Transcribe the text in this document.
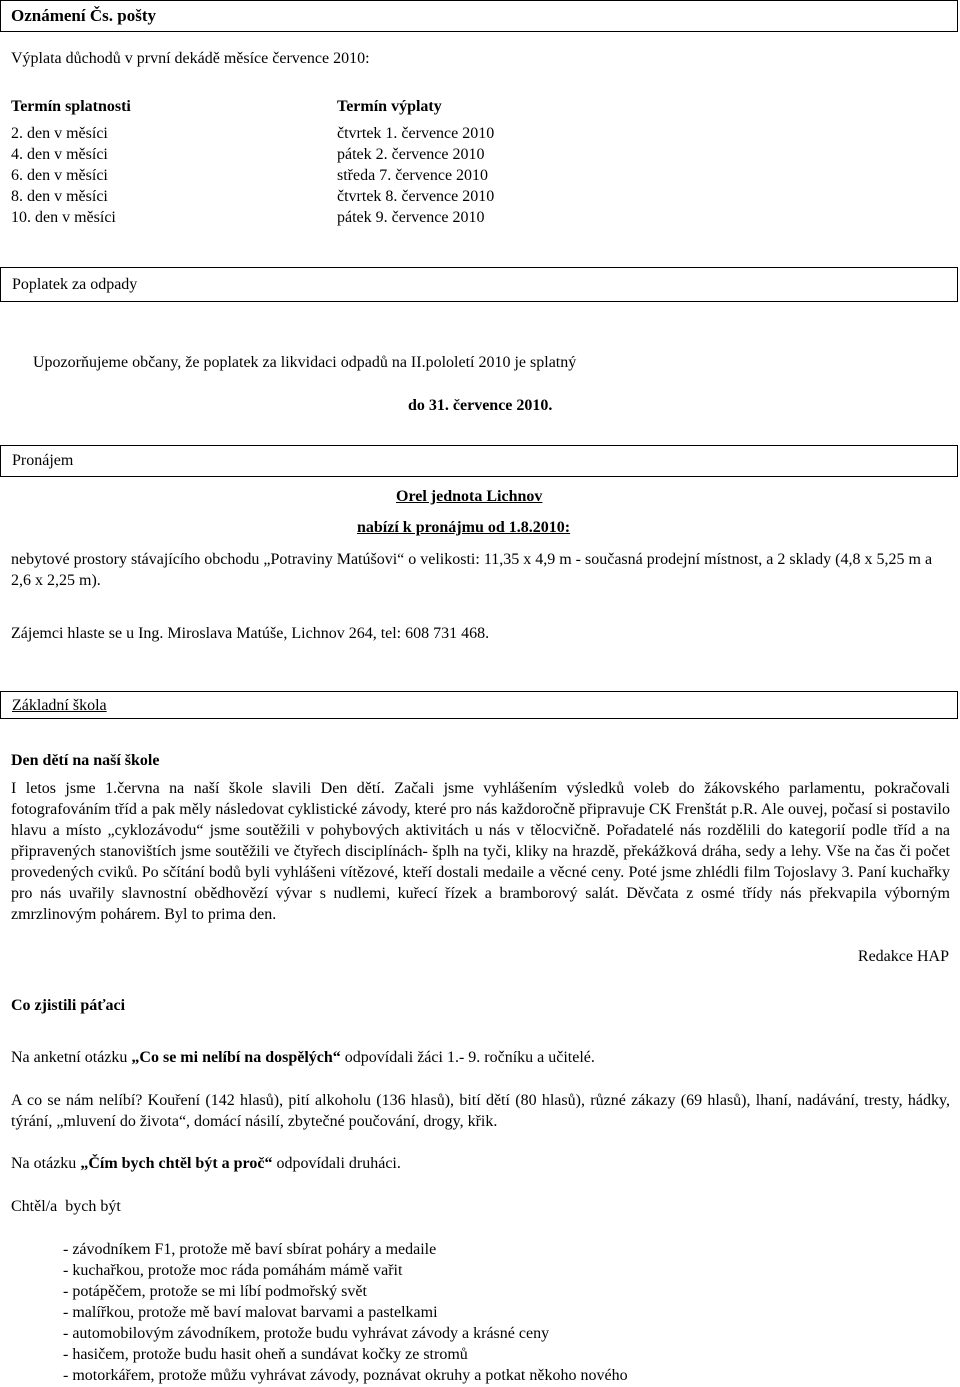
Oznámení Čs. pošty
Výplata důchodů v první dekádě měsíce července 2010:
Termín splatnosti	Termín výplaty
2. den v měsíci	čtvrtek 1. července 2010
4. den v měsíci	pátek 2. července 2010
6. den v měsíci	středa 7. července 2010
8. den v měsíci	čtvrtek 8. července 2010
10. den v měsíci	pátek 9. července 2010
Poplatek za odpady
Upozorňujeme občany, že poplatek za likvidaci odpadů na II.pololetí 2010 je splatný
do 31. července 2010.
Pronájem
Orel jednota Lichnov
nabízí k pronájmu od 1.8.2010:
nebytové prostory stávajícího obchodu „Potraviny Matúšovi“ o velikosti: 11,35 x 4,9 m - současná prodejní místnost, a 2 sklady (4,8 x 5,25 m a 2,6 x 2,25 m).
Zájemci hlaste se u Ing. Miroslava Matúše, Lichnov 264, tel: 608 731 468.
Základní škola
Den dětí na naší škole
I letos jsme 1.června na naší škole slavili Den dětí. Začali jsme vyhlášením výsledků voleb do žákovského parlamentu, pokračovali fotografováním tříd a pak měly následovat cyklistické závody, které pro nás každoročně připravuje CK Frenštát p.R. Ale ouvej, počasí si postavilo hlavu a místo „cyklozávodu“ jsme soutěžili v pohybových aktivitách u nás v tělocvičně. Pořadatelé nás rozdělili do kategorií podle tříd a na připravených stanovištích jsme soutěžili ve čtyřech disciplínách- šplh na tyči, kliky na hrazdě, překážková dráha, sedy a lehy. Vše na čas či počet provedených cviků. Po sčítání bodů byli vyhlášeni vítězové, kteří dostali medaile a věcné ceny. Poté jsme zhlédli film Tojoslavy 3. Paní kuchařky pro nás uvařily slavnostní obědhovězí vývar s nudlemi, kuřecí řízek a bramborový salát. Děvčata z osmé třídy nás překvapila výborným zmrzlinovým pohárem. Byl to prima den.
Redakce HAP
Co zjistili páťaci
Na anketní otázku „Co se mi nelíbí na dospělých“ odpovídali žáci 1.- 9. ročníku a učitelé.
A co se nám nelíbí? Kouření (142 hlasů), pití alkoholu (136 hlasů), bití dětí (80 hlasů), různé zákazy (69 hlasů), lhaní, nadávání, tresty, hádky, týrání, „mluvení do života“, domácí násilí, zbytečné poučování, drogy, křik.
Na otázku „Čím bych chtěl být a proč“ odpovídali druháci.
Chtěl/a  bych být
- závodníkem F1, protože mě baví sbírat poháry a medaile
- kuchařkou, protože moc ráda pomáhám mámě vařit
- potápěčem, protože se mi líbí podmořský svět
- malířkou, protože mě baví malovat barvami a pastelkami
- automobilovým závodníkem, protože budu vyhrávat závody a krásné ceny
- hasičem, protože budu hasit oheň a sundávat kočky ze stromů
- motorkářem, protože můžu vyhrávat závody, poznávat okruhy a potkat někoho nového
